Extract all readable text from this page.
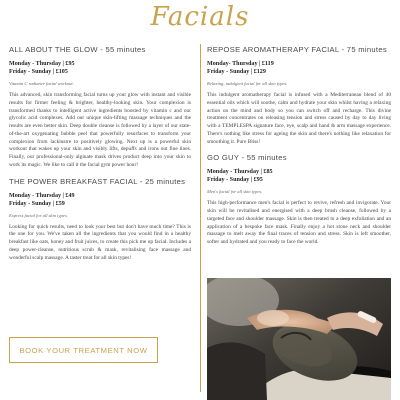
Facials
ALL ABOUT THE GLOW - 55 minutes

Monday - Thursday | £95

Friday - Sunday | £105

Vitamin C radiance facial workout.

This advanced, skin transforming facial turns up your glow with instant and visible results for firmer feeling & brighter, healthy-looking skin. Your complexion is transformed thanks to intelligent active ingredients boosted by vitamin c and our glycolic acid complexes. Add our unique skin-lifting massage techniques and the results are even better skin. Deep double cleanse is followed by a layer of our state-of-the-art oxygenating bubble peel that powerfully resurfaces to transform your complexion from lacklustre to positively glowing. Next up is a powerful skin workout that wakes up your skin and visibly lifts, depuffs and irons out fine lines. Finally, our professional-only alginate mask drives product deep into your skin to work its magic. We like to call it the facial gym power hour!

THE POWER BREAKFAST FACIAL - 25 minutes

Monday - Thursday | £49

Friday - Sunday | £59

Express facial for all skin types.

Looking for quick results, need to look your best but don't have much time? This is the one for you. We've taken all the ingredients that you would find in a healthy breakfast like oats, honey and fruit juices, to create this pick me up facial. Includes a deep power-cleanse, nutritious scrub & mask, revitalising face massage and wonderful scalp massage. A taster treat for all skin types!

BOOK YOUR TREATMENT NOW
REPOSE AROMATHERAPY FACIAL - 75 minutes

Monday- Thursday | £119

Friday - Sunday | £129

Relaxing, indulgent facial for all skin types.

This indulgent aromatherapy facial is infused with a Mediterranean blend of 40 essential oils which will soothe, calm and hydrate your skin whilst having a relaxing action on the mind and body so you can switch off and recharge. This divine treatment concentrates on releasing tension and stress caused by day to day living with a TEMPLESPA signature face, eye, scalp and hand & arm massage experience. There's nothing like stress for ageing the skin and there's nothing like relaxation for smoothing it. Pure Bliss!

GO GUY - 55 minutes

Monday - Thursday | £85

Friday - Sunday | £95

Men's facial for all skin types.

This high-performance men's facial is perfect to revive, refresh and invigorate. Your skin will be revitalised and energised with a deep brush cleanse, followed by a targeted face and shoulder massage. Skin is then treated to a deep exfoliation and an application of a bespoke face mask. Finally enjoy a hot stone neck and shoulder massage to melt away the final traces of tension and stress. Skin is left smoother, softer and hydrated and you ready to face the world.
